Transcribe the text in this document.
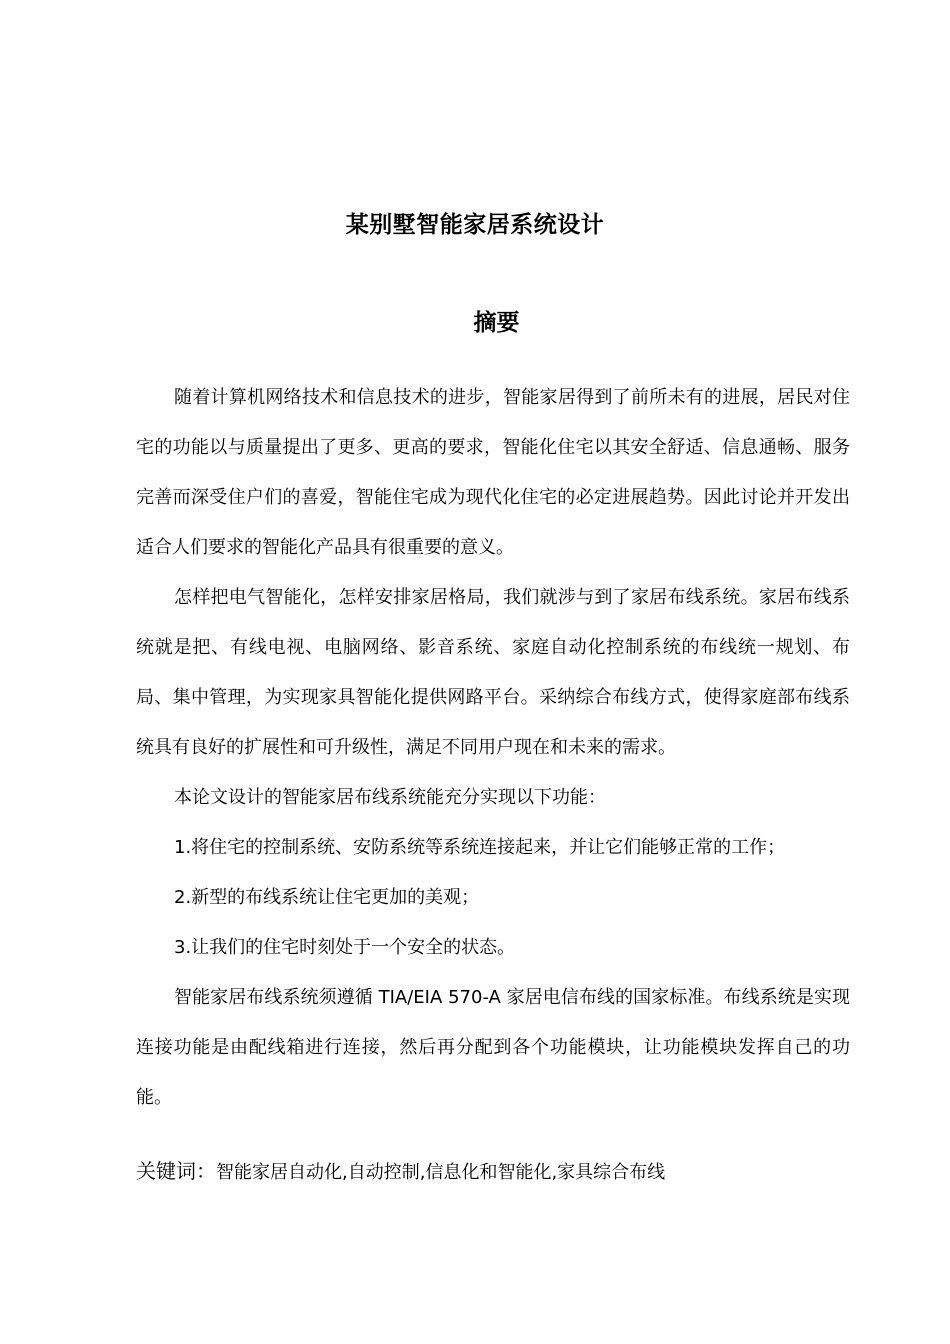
某别墅智能家居系统设计
摘要

随着计算机网络技术和信息技术的进步，智能家居得到了前所未有的进展，居民对住宅的功能以与质量提出了更多、更高的要求，智能化住宅以其安全舒适、信息通畅、服务完善而深受住户们的喜爱，智能住宅成为现代化住宅的必定进展趋势。因此讨论并开发出适合人们要求的智能化产品具有很重要的意义。

怎样把电气智能化，怎样安排家居格局，我们就涉与到了家居布线系统。家居布线系统就是把、有线电视、电脑网络、影音系统、家庭自动化控制系统的布线统一规划、布局、集中管理，为实现家具智能化提供网路平台。采纳综合布线方式，使得家庭部布线系统具有良好的扩展性和可升级性，满足不同用户现在和未来的需求。

本论文设计的智能家居布线系统能充分实现以下功能：

1.将住宅的控制系统、安防系统等系统连接起来，并让它们能够正常的工作；

2.新型的布线系统让住宅更加的美观；

3.让我们的住宅时刻处于一个安全的状态。

智能家居布线系统须遵循 TIA/EIA 570-A 家居电信布线的国家标准。布线系统是实现连接功能是由配线箱进行连接，然后再分配到各个功能模块，让功能模块发挥自己的功能。

关键词：智能家居自动化,自动控制,信息化和智能化,家具综合布线
